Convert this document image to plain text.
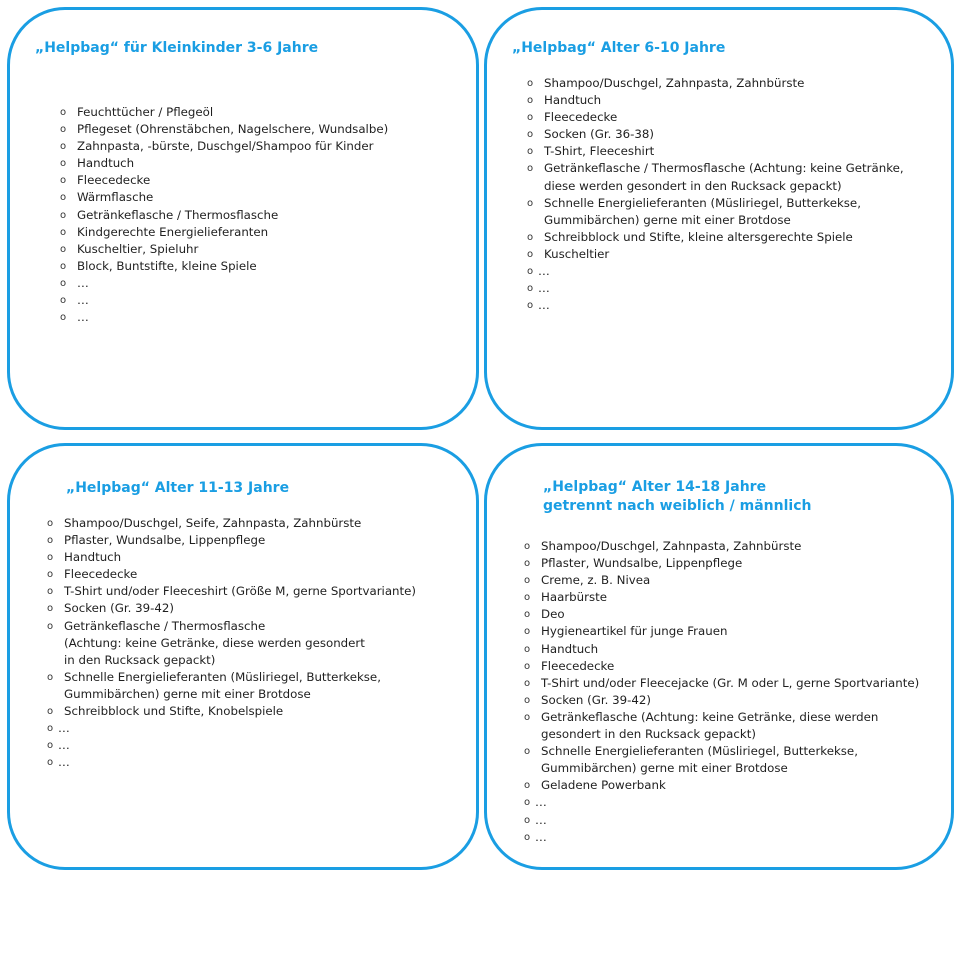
„Helpbag“ für Kleinkinder 3-6 Jahre
o Feuchttücher / Pflegeöl
o Pflegeset (Ohrenstäbchen, Nagelschere, Wundsalbe)
o Zahnpasta, -bürste, Duschgel/Shampoo für Kinder
o Handtuch
o Fleecedecke
o Wärmflasche
o Getränkeflasche / Thermosflasche
o Kindgerechte Energielieferanten
o Kuscheltier, Spieluhr
o Block, Buntstifte, kleine Spiele
o …
o …
o …
„Helpbag“ Alter 6-10 Jahre
o Shampoo/Duschgel, Zahnpasta, Zahnbürste
o Handtuch
o Fleecedecke
o Socken (Gr. 36-38)
o T-Shirt, Fleeceshirt
o Getränkeflasche / Thermosflasche (Achtung: keine Getränke,
diese werden gesondert in den Rucksack gepackt)
o Schnelle Energielieferanten (Müsliriegel, Butterkekse,
Gummibärchen) gerne mit einer Brotdose
o Schreibblock und Stifte, kleine altersgerechte Spiele
o Kuscheltier
o …
o …
o …
„Helpbag“ Alter 11-13 Jahre
o Shampoo/Duschgel, Seife, Zahnpasta, Zahnbürste
o Pflaster, Wundsalbe, Lippenpflege
o Handtuch
o Fleecedecke
o T-Shirt und/oder Fleeceshirt (Größe M, gerne Sportvariante)
o Socken (Gr. 39-42)
o Getränkeflasche / Thermosflasche
(Achtung: keine Getränke, diese werden gesondert
in den Rucksack gepackt)
o Schnelle Energielieferanten (Müsliriegel, Butterkekse,
Gummibärchen) gerne mit einer Brotdose
o Schreibblock und Stifte, Knobelspiele
o …
o …
o …
„Helpbag“ Alter 14-18 Jahre
getrennt nach weiblich / männlich
o Shampoo/Duschgel, Zahnpasta, Zahnbürste
o Pflaster, Wundsalbe, Lippenpflege
o Creme, z. B. Nivea
o Haarbürste
o Deo
o Hygieneartikel für junge Frauen
o Handtuch
o Fleecedecke
o T-Shirt und/oder Fleecejacke (Gr. M oder L, gerne Sportvariante)
o Socken (Gr. 39-42)
o Getränkeflasche (Achtung: keine Getränke, diese werden
gesondert in den Rucksack gepackt)
o Schnelle Energielieferanten (Müsliriegel, Butterkekse,
Gummibärchen) gerne mit einer Brotdose
o Geladene Powerbank
o …
o …
o …
